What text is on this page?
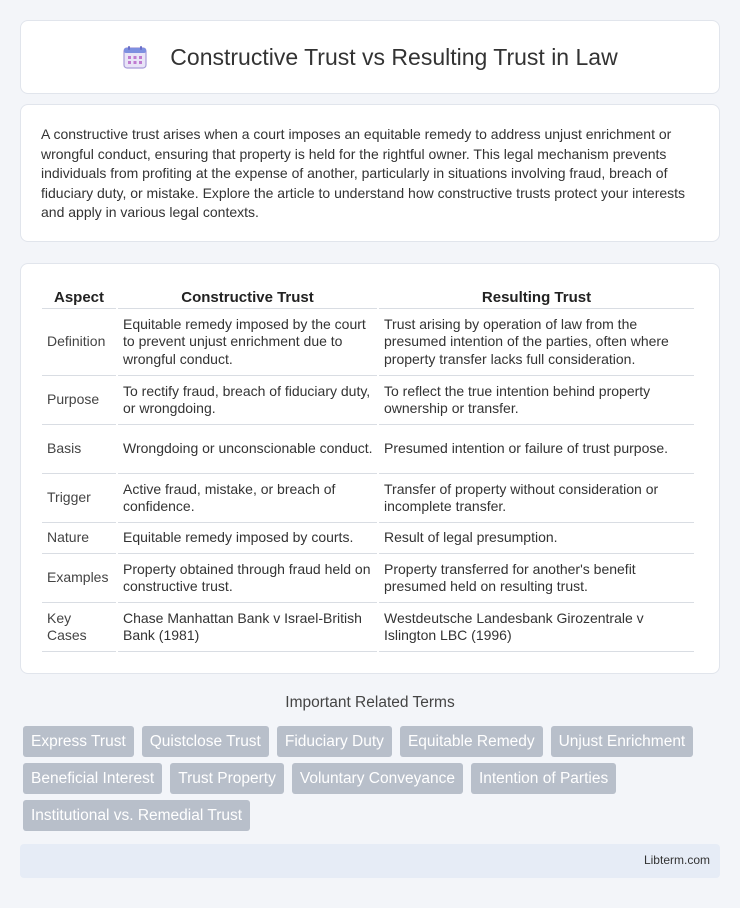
Constructive Trust vs Resulting Trust in Law

A constructive trust arises when a court imposes an equitable remedy to address unjust enrichment or wrongful conduct, ensuring that property is held for the rightful owner. This legal mechanism prevents individuals from profiting at the expense of another, particularly in situations involving fraud, breach of fiduciary duty, or mistake. Explore the article to understand how constructive trusts protect your interests and apply in various legal contexts.

Aspect	Constructive Trust	Resulting Trust
Definition	Equitable remedy imposed by the court to prevent unjust enrichment due to wrongful conduct.	Trust arising by operation of law from the presumed intention of the parties, often where property transfer lacks full consideration.
Purpose	To rectify fraud, breach of fiduciary duty, or wrongdoing.	To reflect the true intention behind property ownership or transfer.
Basis	Wrongdoing or unconscionable conduct.	Presumed intention or failure of trust purpose.
Trigger	Active fraud, mistake, or breach of confidence.	Transfer of property without consideration or incomplete transfer.
Nature	Equitable remedy imposed by courts.	Result of legal presumption.
Examples	Property obtained through fraud held on constructive trust.	Property transferred for another's benefit presumed held on resulting trust.
Key Cases	Chase Manhattan Bank v Israel-British Bank (1981)	Westdeutsche Landesbank Girozentrale v Islington LBC (1996)
Important Related Terms
Express Trust	Quistclose Trust	Fiduciary Duty	Equitable Remedy	Unjust Enrichment
Beneficial Interest	Trust Property	Voluntary Conveyance	Intention of Parties
Institutional vs. Remedial Trust
Libterm.com
